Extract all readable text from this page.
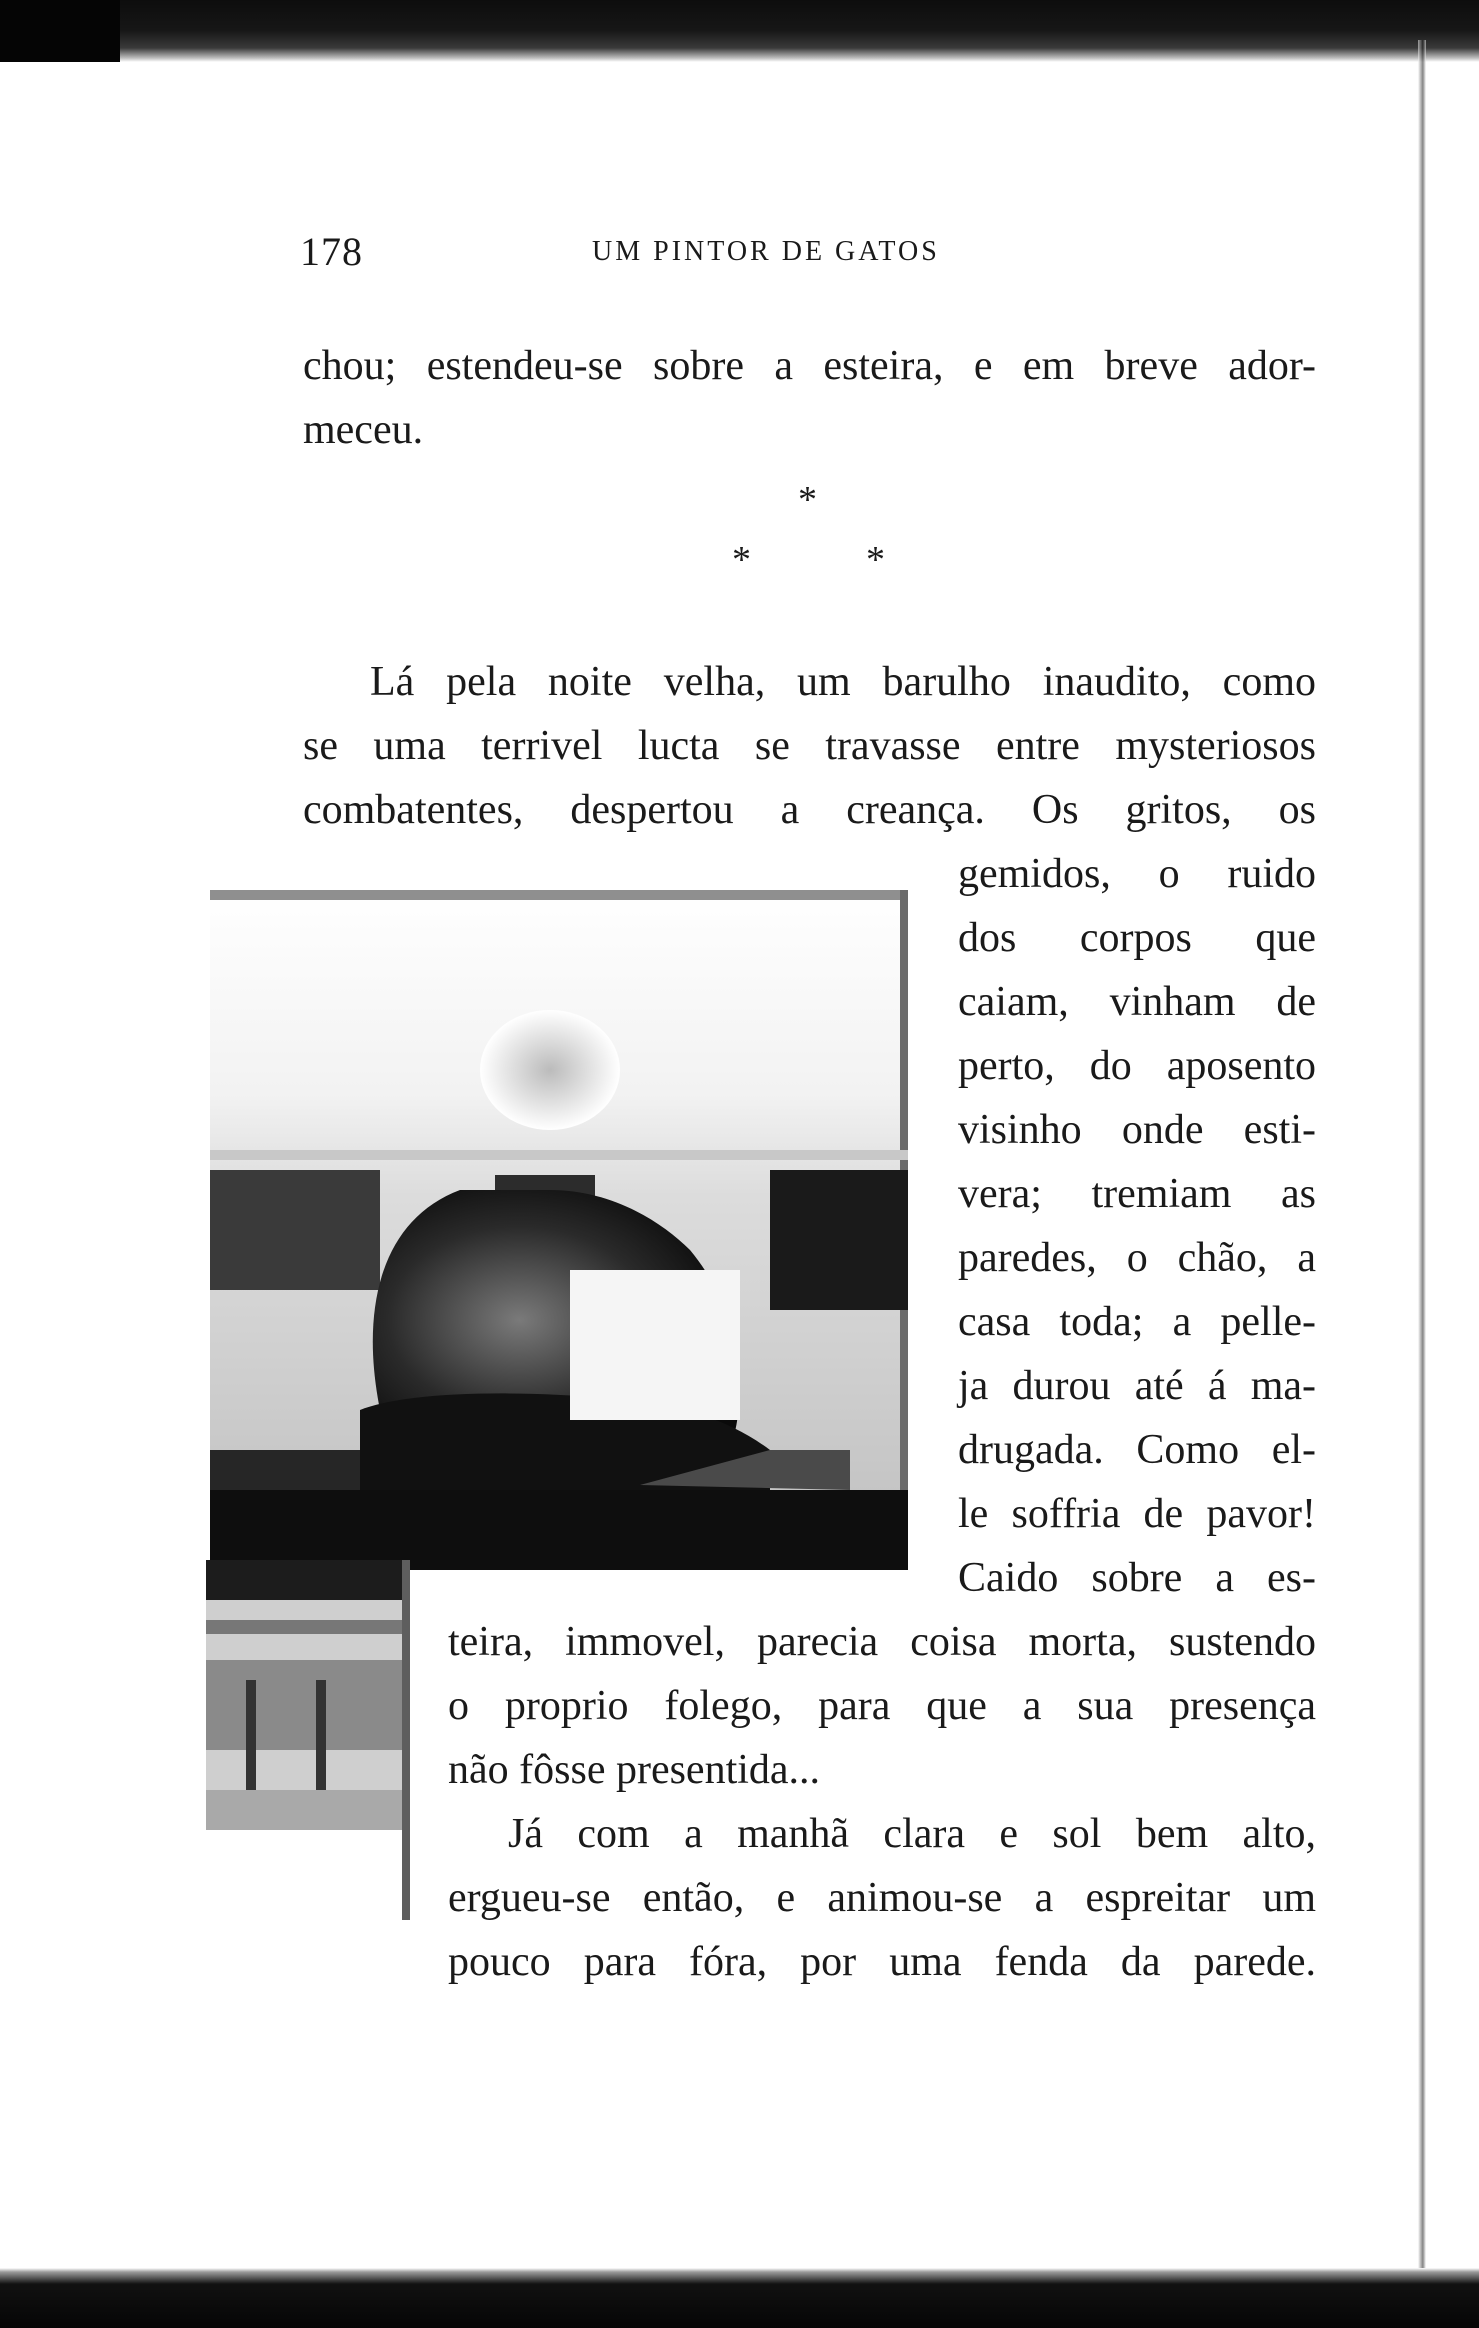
178	UM PINTOR DE GATOS
chou; estendeu-se sobre a esteira, e em breve ador-
meceu.
*
*	*
Lá pela noite velha, um barulho inaudito, como
se uma terrivel lucta se travasse entre mysteriosos
combatentes, despertou a creança. Os gritos, os
gemidos, o ruido
dos corpos que
caiam, vinham de
perto, do aposento
visinho onde esti-
vera; tremiam as
paredes, o chão, a
casa toda; a pelle-
ja durou até á ma-
drugada. Como el-
le soffria de pavor!
Caido sobre a es-
teira, immovel, parecia coisa morta, sustendo
o proprio folego, para que a sua presença
não fôsse presentida...
Já com a manhã clara e sol bem alto,
ergueu-se então, e animou-se a espreitar um
pouco para fóra, por uma fenda da parede.
